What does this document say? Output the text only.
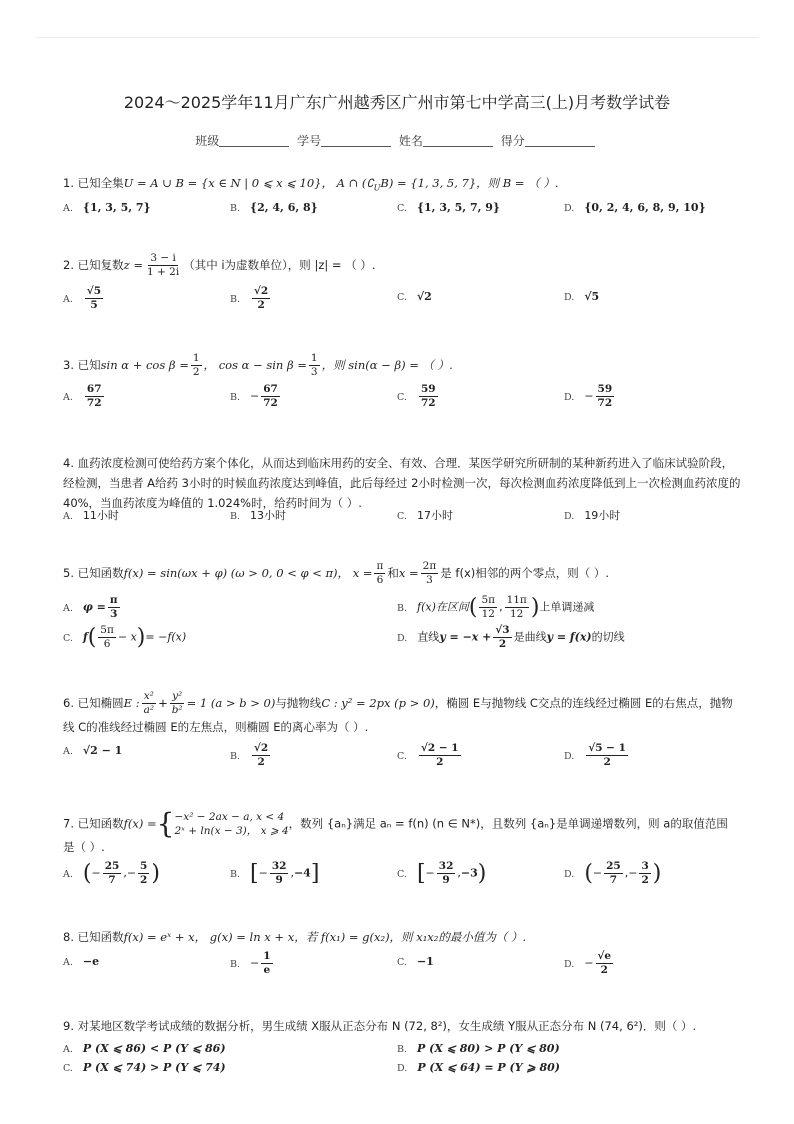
2024～2025学年11月广东广州越秀区广州市第七中学高三(上)月考数学试卷
班级	学号	姓名	得分
1. 已知全集U = A ∪ B = {x ∈ N | 0 ⩽ x ⩽ 10}， A ∩ $(∁_UB) = \{1$, 3, 5, 7}，则 B = （ ）.
A. {1, 3, 5, 7}	B. {2, 4, 6, 8}	C. {1, 3, 5, 7, 9}	D. {0, 2, 4, 6, 8, 9, 10}
2. 已知复数$z = \frac{3 - i}{1 + 2i}$ （其中 i为虚数单位），则 |z| = （ ）.
A. $\frac{√5}{5}$	B. $\frac{√2}{2}$	C. √2	D. √5
3. 已知$\sin \alpha + \cos \beta = \frac{1}{2}$ ， $\cos \alpha - \sin \beta = \frac{1}{3}$ ，则 sin(α − β) = （ ）.
A. $\frac{67}{72}$	B. − $\frac{67}{72}$	C. $\frac{59}{72}$	D. − $\frac{59}{72}$
4. 血药浓度检测可使给药方案个体化，从而达到临床用药的安全、有效、合理．某医学研究所研制的某种新药进入了临床试验阶段，经检测，当患者 A给药 3小时的时候血药浓度达到峰值，此后每经过 2小时检测一次，每次检测血药浓度降低到上一次检测血药浓度的 40%，当血药浓度为峰值的 1.024%时，给药时间为（ ）.
A. 11小时	B. 13小时	C. 17小时	D. 19小时
5. 已知函数f(x) = sin(ωx + φ) (ω > 0, 0 < φ < π)， $x = \frac{\pi}{6}$ 和$x = \frac{2\pi}{3}$ 是 f(x)相邻的两个零点，则（ ）.
A. $\varphi = \frac{\pi}{3}$	B. f(x)在区间( $\frac{5\pi}{12}$ , $\frac{11\pi}{12}$ )上单调递减
C. $f( \frac{5\pi}{6} - x)= -f(x)$	D. 直线$y = -x + \frac{√3}{2}$ 是曲线y = f(x)的切线
6. 已知椭圆E : $\frac{\text{x²}}{\text{a²}} + \frac{\text{y²}}{\text{b²}} = 1$ (a > b > 0)与抛物线C : y² = 2px (p > 0)，椭圆 E与抛物线 C交点的连线经过椭圆 E的右焦点，抛物
线 C的准线经过椭圆 E的左焦点，则椭圆 E的离心率为（ ）.
A. √2 − 1	B. $\frac{√2}{2}$	C. $\frac{√2 - 1}{2}$	D. $\frac{√5 - 1}{2}$
7. 已知函数f(x) ={ −x² − 2ax − a, x < 4
2ˣ + ln(x − 3)， x ⩾ 4
，数列 {aₙ}满足 aₙ = f(n) (n ∈ N*)，且数列 {aₙ}是单调递增数列，则 a的取值范围
是（ ）.
A. (− $\frac{25}{7}$ ,− $\frac{5}{2}$ )	B. [− $\frac{32}{9} ,-4$]	C. [− $\frac{32}{9} ,-3$)	D. (− $\frac{25}{7}$ ,− $\frac{3}{2}$ )
8. 已知函数f(x) = eˣ + x， g(x) = ln x + x，若 f(x₁) = g(x₂)，则 x₁x₂的最小值为（ ）.
A. −e	B. − $\frac{1}{e}$	C. −1	D. − $\frac{√e}{2}$
9. 对某地区数学考试成绩的数据分析，男生成绩 X服从正态分布 N (72, 8²)，女生成绩 Y服从正态分布 N (74, 6²)．则（ ）.
A. P (X ⩽ 86) < P (Y ⩽ 86)	B. P (X ⩽ 80) > P (Y ⩽ 80)
C. P (X ⩽ 74) > P (Y ⩽ 74)	D. P (X ⩽ 64) = P (Y ⩾ 80)
